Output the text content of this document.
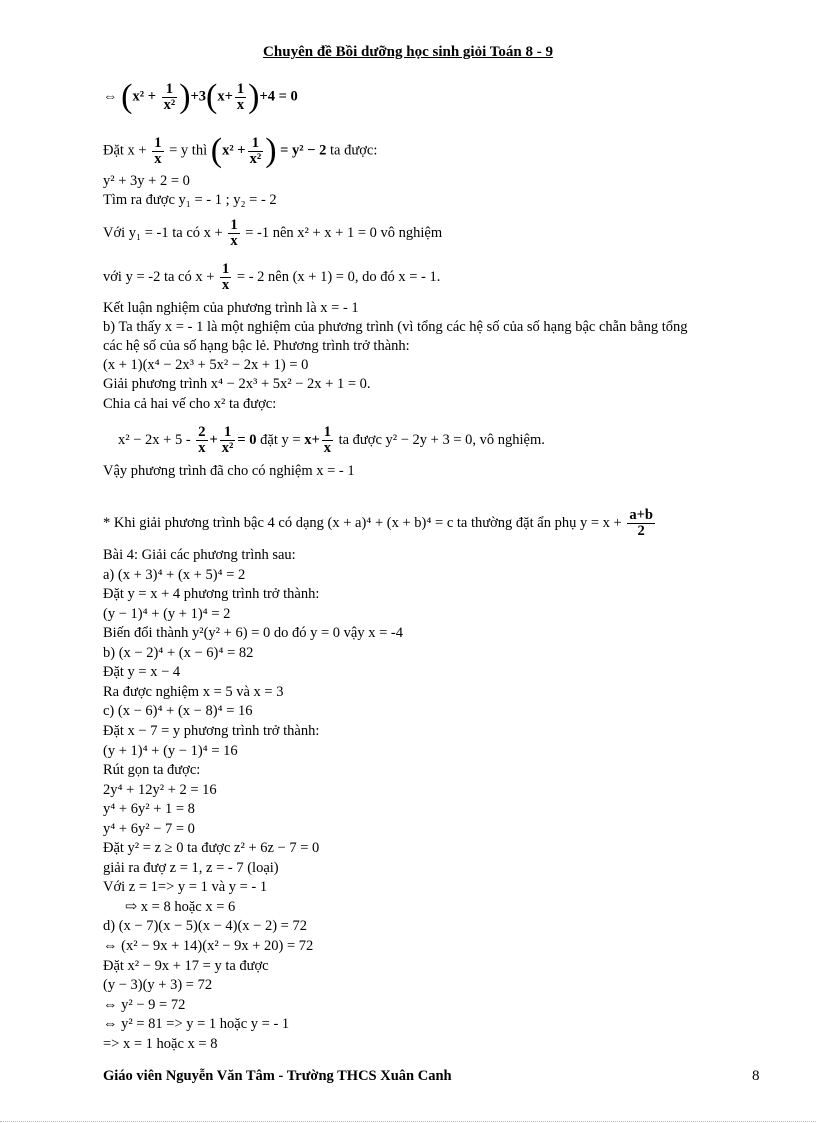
Chuyên đề Bồi dưỡng học sinh giỏi Toán 8 - 9
⇔ $(x^2 + \frac{1}{\text{x²}} )+3(x+ \frac{1}{x} )+4 = 0$
Đặt $x + \frac{1}{x} = y$ thì ($x^2 + \frac{1}{\text{x²}}$ ) = y² − 2 ta được:
y² + 3y + 2 = 0
Tìm ra được y₁ = - 1 ; y₂ = - 2
Với y₁ = -1 ta có $x + \frac{1}{x} = -1$ nên x² + x + 1 = 0 vô nghiệm
với y = -2 ta có $x + \frac{1}{x}$ = - 2 nên (x + 1) = 0, do đó x = - 1.
Kết luận nghiệm của phương trình là x = - 1
b) Ta thấy x = - 1 là một nghiệm của phương trình (vì tổng các hệ số của số hạng bậc chẵn bằng tổng
các hệ số của số hạng bậc lẻ. Phương trình trở thành:
(x + 1)(x⁴ − 2x³ + 5x² − 2x + 1) = 0
Giải phương trình x⁴ − 2x³ + 5x² − 2x + 1 = 0.
Chia cả hai vế cho x² ta được:
$x^2 - 2x + 5 - \frac{2}{x} + \frac{1}{\text{x²}} = 0$ đặt $y = x+ \frac{1}{x}$ ta được y² − 2y + 3 = 0, vô nghiệm.
Vậy phương trình đã cho có nghiệm x = - 1
* Khi giải phương trình bậc 4 có dạng (x + a)⁴ + (x + b)⁴ = c ta thường đặt ẩn phụ $y = x + \frac{a+b}{2}$
Bài 4: Giải các phương trình sau:
a) (x + 3)⁴ + (x + 5)⁴ = 2
Đặt y = x + 4 phương trình trở thành:
(y − 1)⁴ + (y + 1)⁴ = 2
Biến đổi thành y²(y² + 6) = 0 do đó y = 0 vậy x = -4
b) (x − 2)⁴ + (x − 6)⁴ = 82
Đặt y = x − 4
Ra được nghiệm x = 5 và x = 3
c) (x − 6)⁴ + (x − 8)⁴ = 16
Đặt x − 7 = y phương trình trở thành:
(y + 1)⁴ + (y − 1)⁴ = 16
Rút gọn ta được:
2y⁴ + 12y² + 2 = 16
y⁴ + 6y² + 1 = 8
y⁴ + 6y² − 7 = 0
Đặt y² = z ≥ 0 ta được z² + 6z − 7 = 0
giải ra đượ z = 1, z = - 7 (loại)
Với z = 1=> y = 1 và y = - 1
⇨ x = 8 hoặc x = 6
d) (x − 7)(x − 5)(x − 4)(x − 2) = 72
⇔ (x² − 9x + 14)(x² − 9x + 20) = 72
Đặt x² − 9x + 17 = y ta được
(y − 3)(y + 3) = 72
⇔ y² − 9 = 72
⇔ y² = 81 => y = 1 hoặc y = - 1
=> x = 1 hoặc x = 8
Giáo viên Nguyễn Văn Tâm - Trường THCS Xuân Canh	8
